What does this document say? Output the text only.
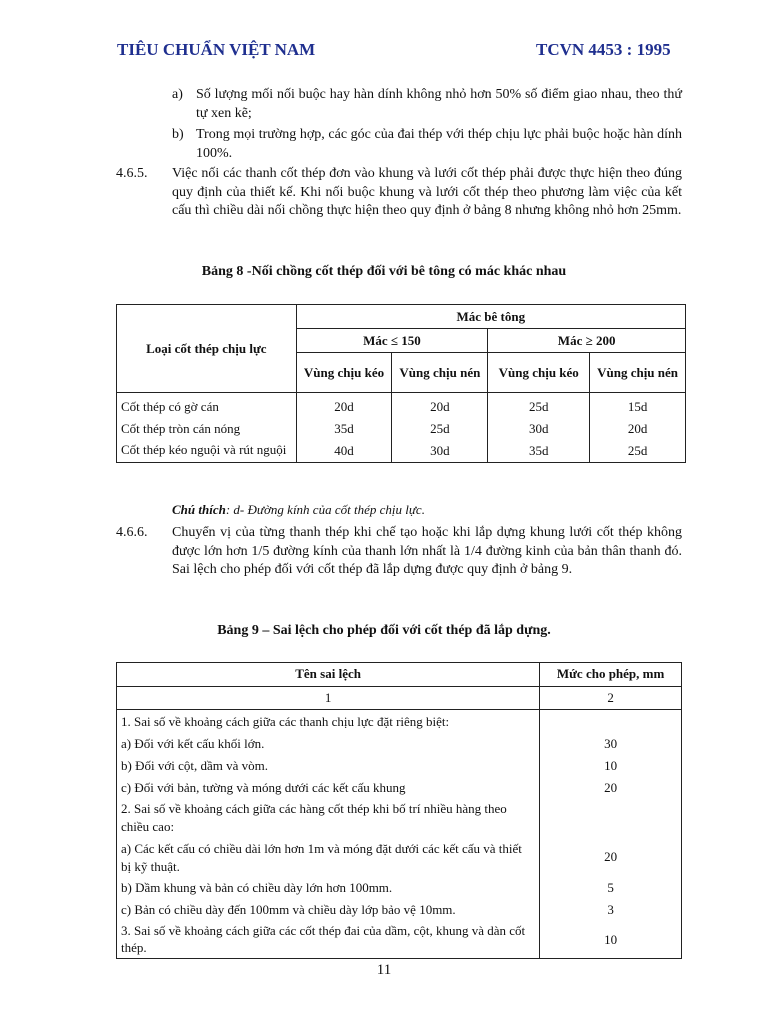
TIÊU CHUẨN VIỆT NAM	TCVN 4453 : 1995
a) Số lượng mối nối buộc hay hàn dính không nhỏ hơn 50% số điểm giao nhau, theo thứ tự xen kẽ;
b) Trong mọi trường hợp, các góc của đai thép với thép chịu lực phải buộc hoặc hàn dính 100%.
4.6.5. Việc nối các thanh cốt thép đơn vào khung và lưới cốt thép phải được thực hiện theo đúng quy định của thiết kế. Khi nối buộc khung và lưới cốt thép theo phương làm việc của kết cấu thì chiều dài nối chồng thực hiện theo quy định ở bảng 8 nhưng không nhỏ hơn 25mm.
Bảng 8 -Nối chồng cốt thép đối với bê tông có mác khác nhau
Loại cốt thép chịu lực	Mác bê tông			
	Mác ≤ 150		Mác ≥ 200	
	Vùng chịu kéo	Vùng chịu nén	Vùng chịu kéo	Vùng chịu nén
Cốt thép có gờ cán	20d	20d	25d	15d
Cốt thép tròn cán nóng	35d	25d	30d	20d
Cốt thép kéo nguội và rút nguội	40d	30d	35d	25d
Chú thích: d- Đường kính của cốt thép chịu lực.
4.6.6. Chuyển vị của từng thanh thép khi chế tạo hoặc khi lắp dựng khung lưới cốt thép không được lớn hơn 1/5 đường kính của thanh lớn nhất là 1/4 đường kinh của bản thân thanh đó. Sai lệch cho phép đối với cốt thép đã lắp dựng được quy định ở bảng 9.
Bảng 9 – Sai lệch cho phép đối với cốt thép đã lắp dựng.
Tên sai lệch	Mức cho phép, mm
1	2
1. Sai số về khoảng cách giữa các thanh chịu lực đặt riêng biệt:	
a) Đối với kết cấu khối lớn.	30
b) Đối với cột, dầm và vòm.	10
c) Đối với bản, tường và móng dưới các kết cấu khung	20
2. Sai số về khoảng cách giữa các hàng cốt thép khi bố trí nhiều hàng theo chiều cao:	
a) Các kết cấu có chiều dài lớn hơn 1m và móng đặt dưới các kết cấu và thiết bị kỹ thuật.	20
b) Dầm khung và bản có chiều dày lớn hơn 100mm.	5
c) Bản có chiều dày đến 100mm và chiều dày lớp bảo vệ 10mm.	3
3. Sai số về khoảng cách giữa các cốt thép đai của dầm, cột, khung và dàn cốt thép.	10
11
